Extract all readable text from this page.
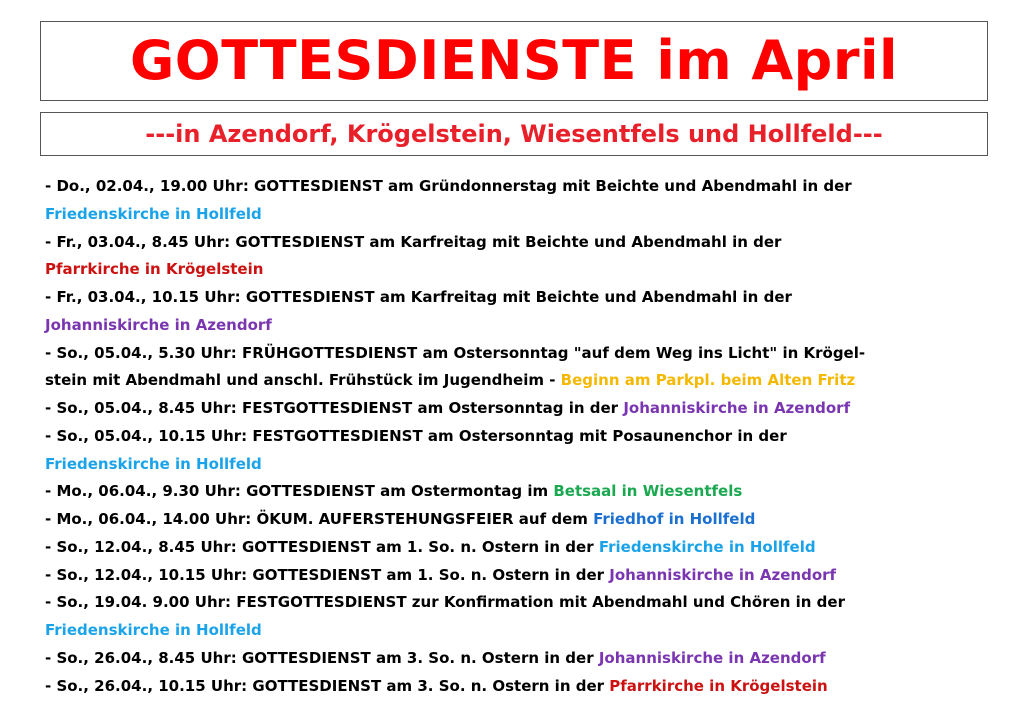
GOTTESDIENSTE im April
---in Azendorf, Krögelstein, Wiesentfels und Hollfeld---
- Do., 02.04., 19.00 Uhr: GOTTESDIENST am Gründonnerstag mit Beichte und Abendmahl in der
Friedenskirche in Hollfeld
- Fr., 03.04., 8.45 Uhr: GOTTESDIENST am Karfreitag mit Beichte und Abendmahl in der
Pfarrkirche in Krögelstein
- Fr., 03.04., 10.15 Uhr: GOTTESDIENST am Karfreitag mit Beichte und Abendmahl in der
Johanniskirche in Azendorf
- So., 05.04., 5.30 Uhr: FRÜHGOTTESDIENST am Ostersonntag "auf dem Weg ins Licht" in Krögel-
stein mit Abendmahl und anschl. Frühstück im Jugendheim - Beginn am Parkpl. beim Alten Fritz
- So., 05.04., 8.45 Uhr: FESTGOTTESDIENST am Ostersonntag in der Johanniskirche in Azendorf
- So., 05.04., 10.15 Uhr: FESTGOTTESDIENST am Ostersonntag mit Posaunenchor in der
Friedenskirche in Hollfeld
- Mo., 06.04., 9.30 Uhr: GOTTESDIENST am Ostermontag im Betsaal in Wiesentfels
- Mo., 06.04., 14.00 Uhr: ÖKUM. AUFERSTEHUNGSFEIER auf dem Friedhof in Hollfeld
- So., 12.04., 8.45 Uhr: GOTTESDIENST am 1. So. n. Ostern in der Friedenskirche in Hollfeld
- So., 12.04., 10.15 Uhr: GOTTESDIENST am 1. So. n. Ostern in der Johanniskirche in Azendorf
- So., 19.04. 9.00 Uhr: FESTGOTTESDIENST zur Konfirmation mit Abendmahl und Chören in der
Friedenskirche in Hollfeld
- So., 26.04., 8.45 Uhr: GOTTESDIENST am 3. So. n. Ostern in der Johanniskirche in Azendorf
- So., 26.04., 10.15 Uhr: GOTTESDIENST am 3. So. n. Ostern in der Pfarrkirche in Krögelstein
